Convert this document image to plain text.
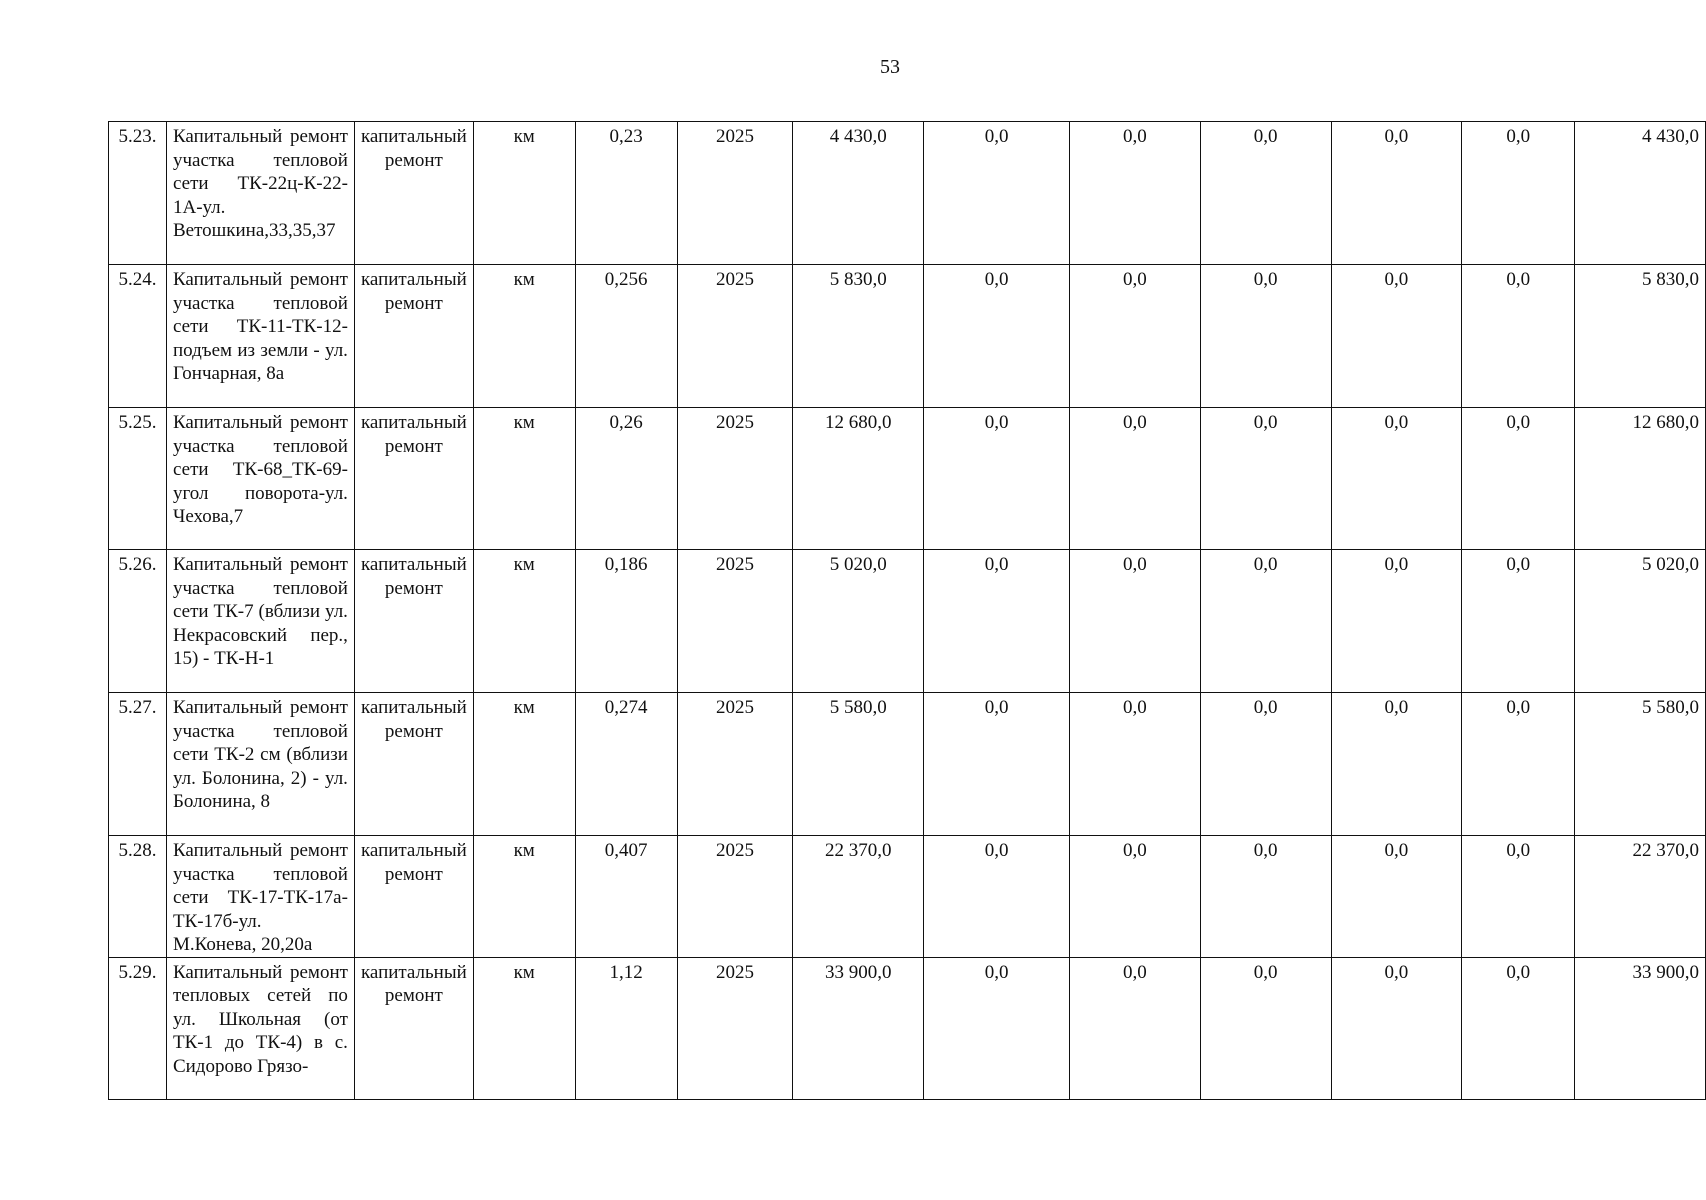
53
5.23.	Капитальный ремонт участка тепловой сети ТК-22ц-К-22-1А-ул. Ветошкина,33,35,37	капитальный ремонт	км	0,23	2025	4 430,0	0,0	0,0	0,0	0,0	0,0	4 430,0
5.24.	Капитальный ремонт участка тепловой сети ТК-11-ТК-12-подъем из земли - ул. Гончарная, 8а	капитальный ремонт	км	0,256	2025	5 830,0	0,0	0,0	0,0	0,0	0,0	5 830,0
5.25.	Капитальный ремонт участка тепловой сети ТК-68_ТК-69-угол поворота-ул. Чехова,7	капитальный ремонт	км	0,26	2025	12 680,0	0,0	0,0	0,0	0,0	0,0	12 680,0
5.26.	Капитальный ремонт участка тепловой сети ТК-7 (вблизи ул. Некрасовский пер., 15) - ТК-Н-1	капитальный ремонт	км	0,186	2025	5 020,0	0,0	0,0	0,0	0,0	0,0	5 020,0
5.27.	Капитальный ремонт участка тепловой сети ТК-2 см (вблизи ул. Болонина, 2) - ул. Болонина, 8	капитальный ремонт	км	0,274	2025	5 580,0	0,0	0,0	0,0	0,0	0,0	5 580,0
5.28.	Капитальный ремонт участка тепловой сети ТК-17-ТК-17а-ТК-17б-ул. М.Конева, 20,20а	капитальный ремонт	км	0,407	2025	22 370,0	0,0	0,0	0,0	0,0	0,0	22 370,0
5.29.	Капитальный ремонт тепловых сетей по ул. Школьная (от ТК-1 до ТК-4) в с. Сидорово Грязо-	капитальный ремонт	км	1,12	2025	33 900,0	0,0	0,0	0,0	0,0	0,0	33 900,0
